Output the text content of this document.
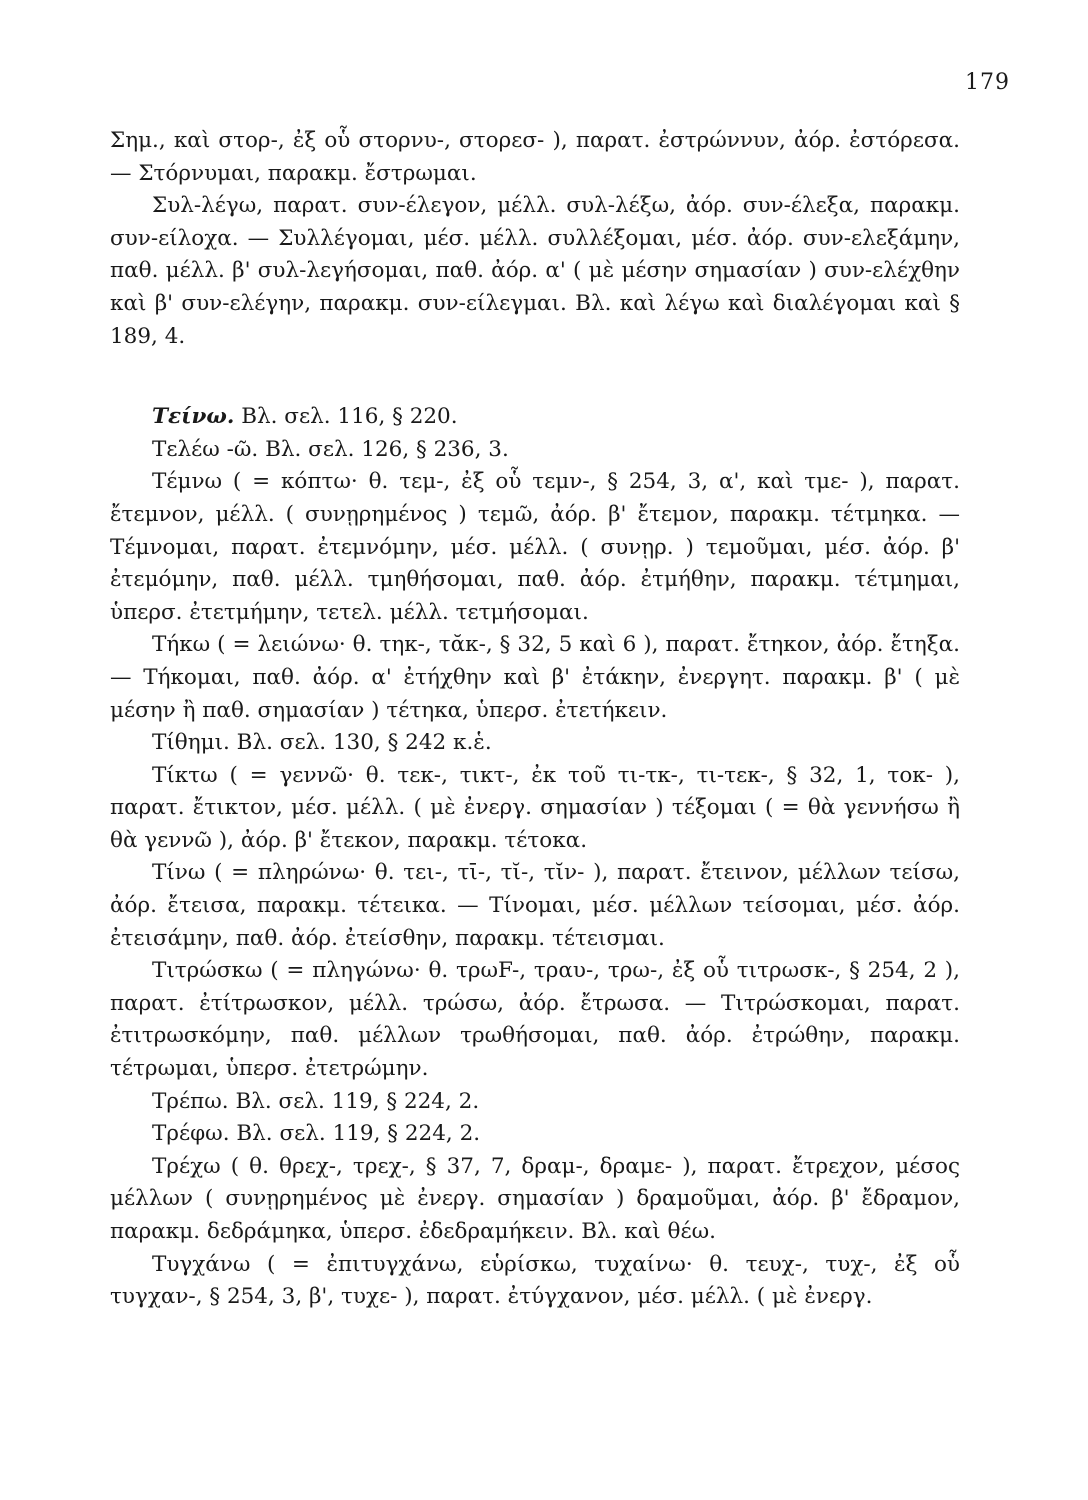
179

Σημ., καὶ στορ-, ἐξ οὗ στορνυ-, στορεσ- ), παρατ. ἐστρώννυν, ἀόρ. ἐστόρεσα. — Στόρνυμαι, παρακμ. ἔστρωμαι.

Συλ-λέγω, παρατ. συν-έλεγον, μέλλ. συλ-λέξω, ἀόρ. συν-έλεξα, παρακμ. συν-είλοχα. — Συλλέγομαι, μέσ. μέλλ. συλλέξομαι, μέσ. ἀόρ. συν-ελεξάμην, παθ. μέλλ. β' συλ-λεγήσομαι, παθ. ἀόρ. α' ( μὲ μέσην σημασίαν ) συν-ελέχθην καὶ β' συν-ελέγην, παρακμ. συν-είλεγμαι. Βλ. καὶ λέγω καὶ διαλέγομαι καὶ § 189, 4.

Τείνω. Βλ. σελ. 116, § 220.

Τελέω -ῶ. Βλ. σελ. 126, § 236, 3.

Τέμνω ( = κόπτω· θ. τεμ-, ἐξ οὗ τεμν-, § 254, 3, α', καὶ τμε- ), παρατ. ἔτεμνον, μέλλ. ( συνῃρημένος ) τεμῶ, ἀόρ. β' ἔτεμον, παρακμ. τέτμηκα. — Τέμνομαι, παρατ. ἐτεμνόμην, μέσ. μέλλ. ( συνῃρ. ) τεμοῦμαι, μέσ. ἀόρ. β' ἐτεμόμην, παθ. μέλλ. τμηθήσομαι, παθ. ἀόρ. ἐτμήθην, παρακμ. τέτμημαι, ὑπερσ. ἐτετμήμην, τετελ. μέλλ. τετμήσομαι.

Τήκω ( = λειώνω· θ. τηκ-, τᾰκ-, § 32, 5 καὶ 6 ), παρατ. ἔτηκον, ἀόρ. ἔτηξα. — Τήκομαι, παθ. ἀόρ. α' ἐτήχθην καὶ β' ἐτάκην, ἐνεργητ. παρακμ. β' ( μὲ μέσην ἢ παθ. σημασίαν ) τέτηκα, ὑπερσ. ἐτετήκειν.

Τίθημι. Βλ. σελ. 130, § 242 κ.ἑ.

Τίκτω ( = γεννῶ· θ. τεκ-, τικτ-, ἐκ τοῦ τι-τκ-, τι-τεκ-, § 32, 1, τοκ- ), παρατ. ἔτικτον, μέσ. μέλλ. ( μὲ ἐνεργ. σημασίαν ) τέξομαι ( = θὰ γεννήσω ἢ θὰ γεννῶ ), ἀόρ. β' ἔτεκον, παρακμ. τέτοκα.

Τίνω ( = πληρώνω· θ. τει-, τῑ-, τῐ-, τῐν- ), παρατ. ἔτεινον, μέλλων τείσω, ἀόρ. ἔτεισα, παρακμ. τέτεικα. — Τίνομαι, μέσ. μέλλων τείσομαι, μέσ. ἀόρ. ἐτεισάμην, παθ. ἀόρ. ἐτείσθην, παρακμ. τέτεισμαι.

Τιτρώσκω ( = πληγώνω· θ. τρωF-, τραυ-, τρω-, ἐξ οὗ τιτρωσκ-, § 254, 2 ), παρατ. ἐτίτρωσκον, μέλλ. τρώσω, ἀόρ. ἔτρωσα. — Τιτρώσκομαι, παρατ. ἐτιτρωσκόμην, παθ. μέλλων τρωθήσομαι, παθ. ἀόρ. ἐτρώθην, παρακμ. τέτρωμαι, ὑπερσ. ἐτετρώμην.

Τρέπω. Βλ. σελ. 119, § 224, 2.

Τρέφω. Βλ. σελ. 119, § 224, 2.

Τρέχω ( θ. θρεχ-, τρεχ-, § 37, 7, δραμ-, δραμε- ), παρατ. ἔτρεχον, μέσος μέλλων ( συνῃρημένος μὲ ἐνεργ. σημασίαν ) δραμοῦμαι, ἀόρ. β' ἔδραμον, παρακμ. δεδράμηκα, ὑπερσ. ἐδεδραμήκειν. Βλ. καὶ θέω.

Τυγχάνω ( = ἐπιτυγχάνω, εὑρίσκω, τυχαίνω· θ. τευχ-, τυχ-, ἐξ οὗ τυγχαν-, § 254, 3, β', τυχε- ), παρατ. ἐτύγχανον, μέσ. μέλλ. ( μὲ ἐνεργ.
